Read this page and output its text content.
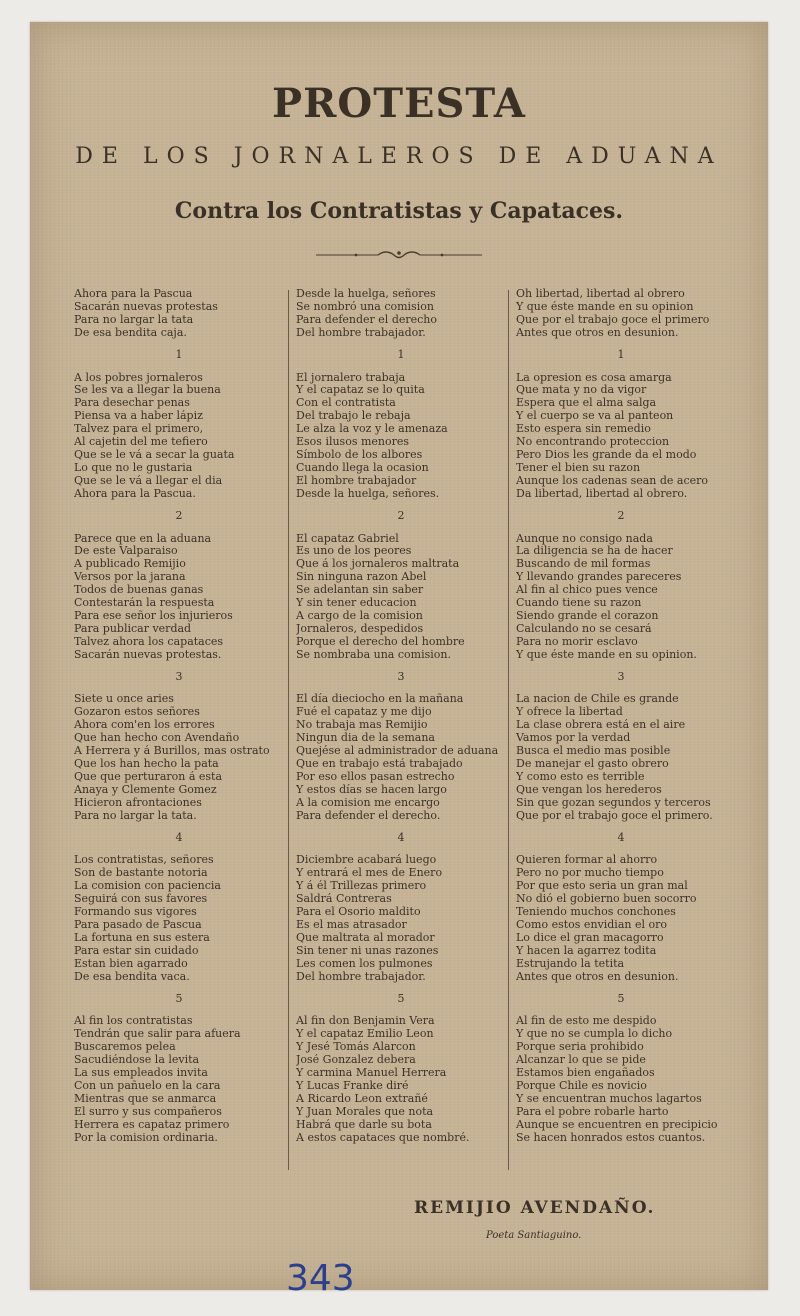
PROTESTA
DE LOS JORNALEROS DE ADUANA
Contra los Contratistas y Capataces.
Ahora para la Pascua
Sacarán nuevas protestas
Para no largar la tata
De esa bendita caja.
1
A los pobres jornaleros
Se les va a llegar la buena
Para desechar penas
Piensa va a haber lápiz
Talvez para el primero,
Al cajetin del me tefiero
Que se le vá a secar la guata
Lo que no le gustaria
Que se le vá a llegar el dia
Ahora para la Pascua.
2
Parece que en la aduana
De este Valparaiso
A publicado Remijio
Versos por la jarana
Todos de buenas ganas
Contestarán la respuesta
Para ese señor los injurieros
Para publicar verdad
Talvez ahora los capataces
Sacarán nuevas protestas.
3
Siete u once aries
Gozaron estos señores
Ahora com'en los errores
Que han hecho con Avendaño
A Herrera y á Burillos, mas ostrato
Que los han hecho la pata
Que que perturaron á esta
Anaya y Clemente Gomez
Hicieron afrontaciones
Para no largar la tata.
4
Los contratistas, señores
Son de bastante notoria
La comision con paciencia
Seguirá con sus favores
Formando sus vigores
Para pasado de Pascua
La fortuna en sus estera
Para estar sin cuidado
Estan bien agarrado
De esa bendita vaca.
5
Al fin los contratistas
Tendrán que salir para afuera
Buscaremos pelea
Sacudiéndose la levita
La sus empleados invita
Con un pañuelo en la cara
Mientras que se anmarca
El surro y sus compañeros
Herrera es capataz primero
Por la comision ordinaria.
Desde la huelga, señores
Se nombró una comision
Para defender el derecho
Del hombre trabajador.
1
El jornalero trabaja
Y el capataz se lo quita
Con el contratista
Del trabajo le rebaja
Le alza la voz y le amenaza
Esos ilusos menores
Símbolo de los albores
Cuando llega la ocasion
El hombre trabajador
Desde la huelga, señores.
2
El capataz Gabriel
Es uno de los peores
Que á los jornaleros maltrata
Sin ninguna razon Abel
Se adelantan sin saber
Y sin tener educacion
A cargo de la comision
Jornaleros, despedidos
Porque el derecho del hombre
Se nombraba una comision.
3
El día dieciocho en la mañana
Fué el capataz y me dijo
No trabaja mas Remijio
Ningun dia de la semana
Quejése al administrador de aduana
Que en trabajo está trabajado
Por eso ellos pasan estrecho
Y estos días se hacen largo
A la comision me encargo
Para defender el derecho.
4
Diciembre acabará luego
Y entrará el mes de Enero
Y á él Trillezas primero
Saldrá Contreras
Para el Osorio maldito
Es el mas atrasador
Que maltrata al morador
Sin tener ni unas razones
Les comen los pulmones
Del hombre trabajador.
5
Al fin don Benjamin Vera
Y el capataz Emilio Leon
Y Jesé Tomás Alarcon
José Gonzalez debera
Y carmina Manuel Herrera
Y Lucas Franke diré
A Ricardo Leon extrañé
Y Juan Morales que nota
Habrá que darle su bota
A estos capataces que nombré.
Oh libertad, libertad al obrero
Y que éste mande en su opinion
Que por el trabajo goce el primero
Antes que otros en desunion.
1
La opresion es cosa amarga
Que mata y no da vigor
Espera que el alma salga
Y el cuerpo se va al panteon
Esto espera sin remedio
No encontrando proteccion
Pero Dios les grande da el modo
Tener el bien su razon
Aunque los cadenas sean de acero
Da libertad, libertad al obrero.
2
Aunque no consigo nada
La diligencia se ha de hacer
Buscando de mil formas
Y llevando grandes pareceres
Al fin al chico pues vence
Cuando tiene su razon
Siendo grande el corazon
Calculando no se cesará
Para no morir esclavo
Y que éste mande en su opinion.
3
La nacion de Chile es grande
Y ofrece la libertad
La clase obrera está en el aire
Vamos por la verdad
Busca el medio mas posible
De manejar el gasto obrero
Y como esto es terrible
Que vengan los herederos
Sin que gozan segundos y terceros
Que por el trabajo goce el primero.
4
Quieren formar al ahorro
Pero no por mucho tiempo
Por que esto seria un gran mal
No dió el gobierno buen socorro
Teniendo muchos conchones
Como estos envidian el oro
Lo dice el gran macagorro
Y hacen la agarrez todita
Estrujando la tetita
Antes que otros en desunion.
5
Al fin de esto me despido
Y que no se cumpla lo dicho
Porque seria prohibido
Alcanzar lo que se pide
Estamos bien engañados
Porque Chile es novicio
Y se encuentran muchos lagartos
Para el pobre robarle harto
Aunque se encuentren en precipicio
Se hacen honrados estos cuantos.
REMIJIO AVENDAÑO.
Poeta Santiaguino.
343
